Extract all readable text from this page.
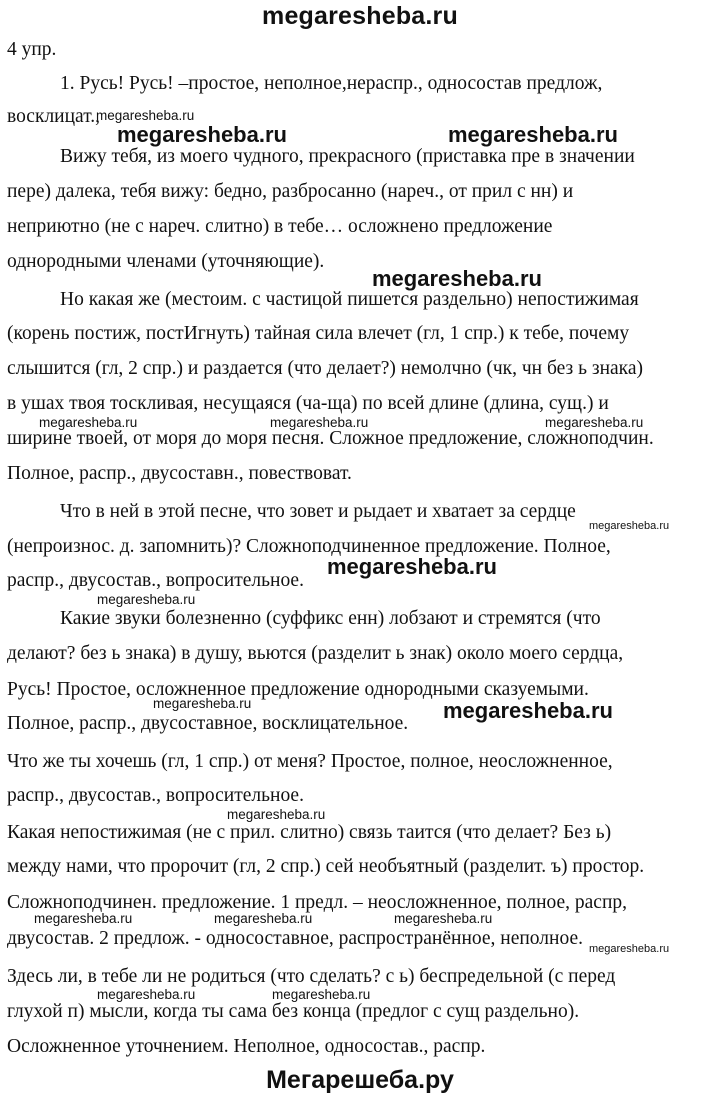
megaresheba.ru
4 упр.
1. Русь! Русь! –простое, неполное,нераспр., односостав предлож,
восклицат.,
Вижу тебя, из моего чудного, прекрасного (приставка пре в значении
пере) далека, тебя вижу: бедно, разбросанно (нареч., от прил с нн) и
неприютно (не с нареч. слитно) в тебе… осложнено предложение
однородными членами (уточняющие).
Но какая же (местоим. с частицой пишется раздельно) непостижимая
(корень постиж, постИгнуть) тайная сила влечет (гл, 1 спр.) к тебе, почему
слышится (гл, 2 спр.) и раздается (что делает?) немолчно (чк, чн без ь знака)
в ушах твоя тоскливая, несущаяся (ча-ща) по всей длине (длина, сущ.) и
ширине твоей, от моря до моря песня. Сложное предложение, сложноподчин.
Полное, распр., двусоставн., повествоват.
Что в ней в этой песне, что зовет и рыдает и хватает за сердце
(непроизнос. д. запомнить)? Сложноподчиненное предложение. Полное,
распр., двусостав., вопросительное.
Какие звуки болезненно (суффикс енн) лобзают и стремятся (что
делают? без ь знака) в душу, вьются (разделит ь знак) около моего сердца,
Русь! Простое, осложненное предложение однородными сказуемыми.
Полное, распр., двусоставное, восклицательное.
Что же ты хочешь (гл, 1 спр.) от меня? Простое, полное, неосложненное,
распр., двусостав., вопросительное.
Какая непостижимая (не с прил. слитно) связь таится (что делает? Без ь)
между нами, что пророчит (гл, 2 спр.) сей необъятный (разделит. ъ) простор.
Сложноподчинен. предложение. 1 предл. – неосложненное, полное, распр,
двусостав. 2 предлож. - односоставное, распространённое, неполное.
Здесь ли, в тебе ли не родиться (что сделать? с ь) беспредельной (с перед
глухой п) мысли, когда ты сама без конца (предлог с сущ раздельно).
Осложненное уточнением. Неполное, односостав., распр.
megaresheba.ru	megaresheba.ru
megaresheba.ru
megaresheba.ru
megaresheba.ru
megaresheba.ru
megaresheba.ru	megaresheba.ru	megaresheba.ru
megaresheba.ru
megaresheba.ru
megaresheba.ru
megaresheba.ru	megaresheba.ru	megaresheba.ru
megaresheba.ru	megaresheba.ru
megaresheba.ru
megaresheba.ru
Мегарешеба.ру
